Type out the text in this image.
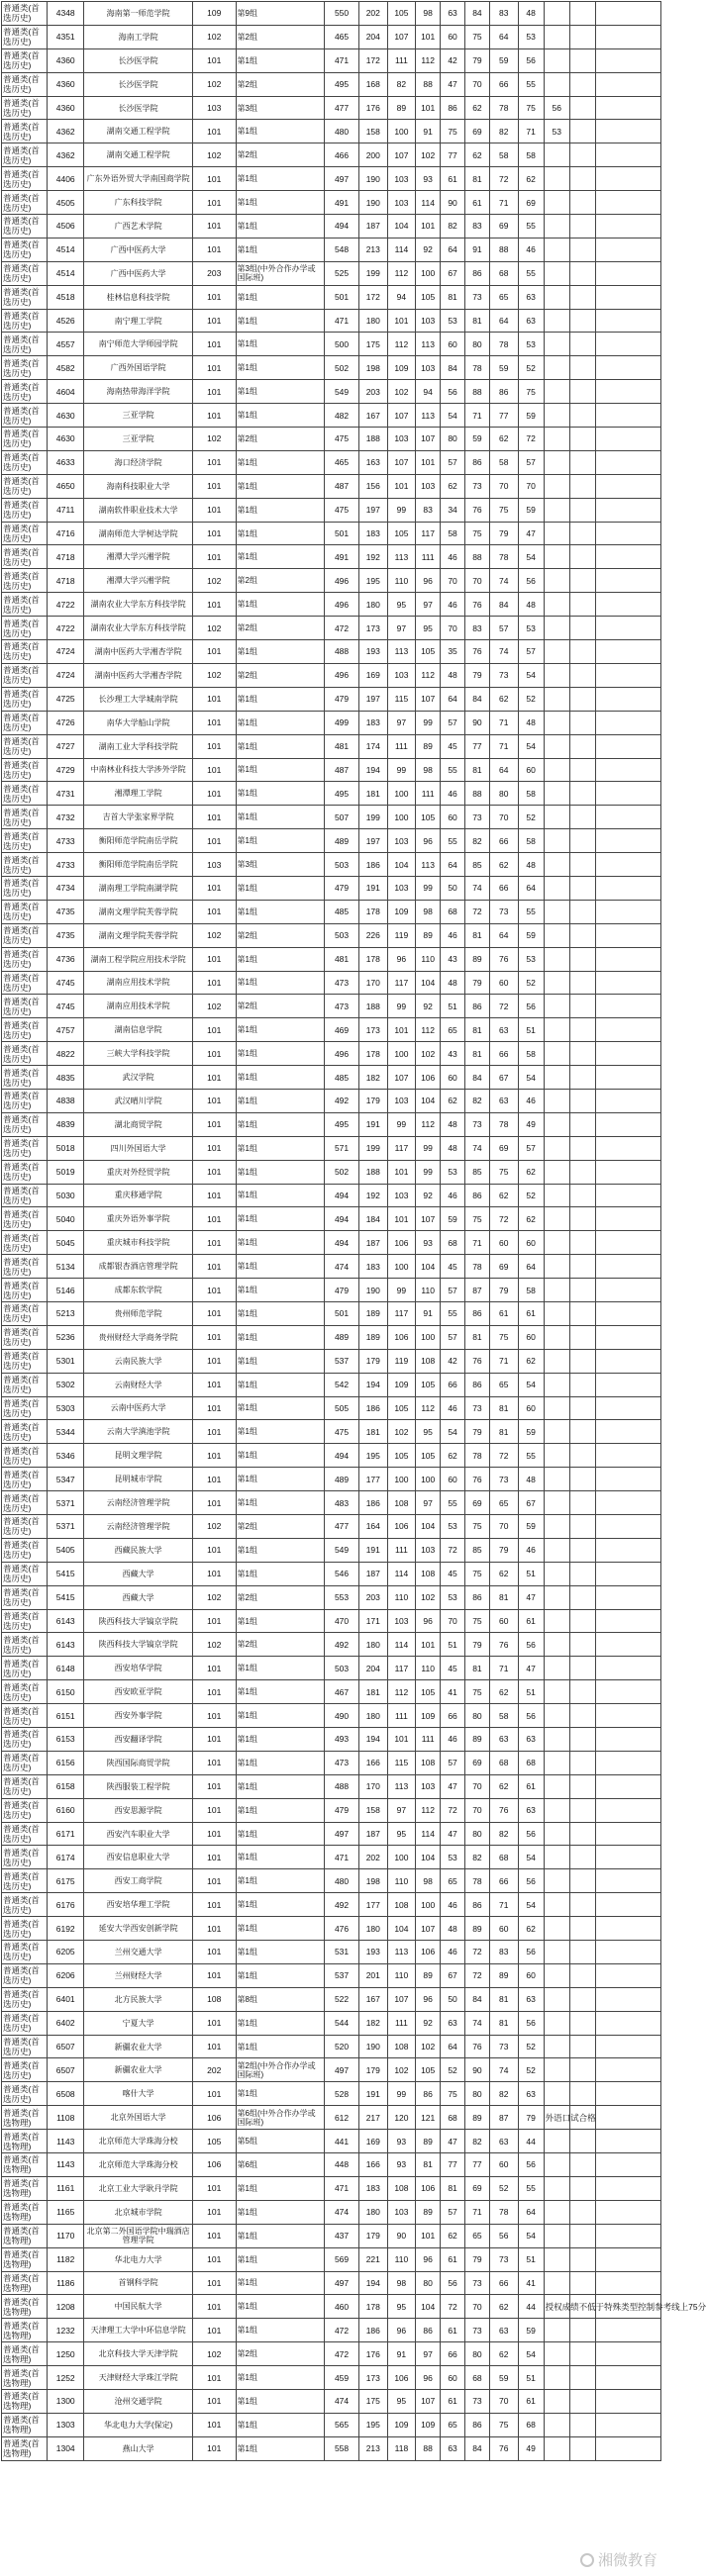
普通类(首选历史)	4348	海南第一师范学院	109	第9组	550	202	105	98	63	84	83	48			
普通类(首选历史)	4351	海南工学院	102	第2组	465	204	107	101	60	75	64	53			
普通类(首选历史)	4360	长沙医学院	101	第1组	471	172	111	112	42	79	59	56			
普通类(首选历史)	4360	长沙医学院	102	第2组	495	168	82	88	47	70	66	55			
普通类(首选历史)	4360	长沙医学院	103	第3组	477	176	89	101	86	62	78	75	56		
普通类(首选历史)	4362	湖南交通工程学院	101	第1组	480	158	100	91	75	69	82	71	53		
普通类(首选历史)	4362	湖南交通工程学院	102	第2组	466	200	107	102	77	62	58	58			
普通类(首选历史)	4406	广东外语外贸大学南国商学院	101	第1组	497	190	103	93	61	81	72	62			
普通类(首选历史)	4505	广东科技学院	101	第1组	491	190	103	114	90	61	71	69			
普通类(首选历史)	4506	广西艺术学院	101	第1组	494	187	104	101	82	83	69	55			
普通类(首选历史)	4514	广西中医药大学	101	第1组	548	213	114	92	64	91	88	46			
普通类(首选历史)	4514	广西中医药大学	203	第3组(中外合作办学或国际班)	525	199	112	100	67	86	68	55			
普通类(首选历史)	4518	桂林信息科技学院	101	第1组	501	172	94	105	81	73	65	63			
普通类(首选历史)	4526	南宁理工学院	101	第1组	471	180	101	103	53	81	64	63			
普通类(首选历史)	4557	南宁师范大学师园学院	101	第1组	500	175	112	113	60	80	78	53			
普通类(首选历史)	4582	广西外国语学院	101	第1组	502	198	109	103	84	78	59	52			
普通类(首选历史)	4604	海南热带海洋学院	101	第1组	549	203	102	94	56	88	86	75			
普通类(首选历史)	4630	三亚学院	101	第1组	482	167	107	113	54	71	77	59			
普通类(首选历史)	4630	三亚学院	102	第2组	475	188	103	107	80	59	62	72			
普通类(首选历史)	4633	海口经济学院	101	第1组	465	163	107	101	57	86	58	57			
普通类(首选历史)	4650	海南科技职业大学	101	第1组	487	156	101	103	62	73	70	70			
普通类(首选历史)	4711	湖南软件职业技术大学	101	第1组	475	197	99	83	34	76	75	59			
普通类(首选历史)	4716	湖南师范大学树达学院	101	第1组	501	183	105	117	58	75	79	47			
普通类(首选历史)	4718	湘潭大学兴湘学院	101	第1组	491	192	113	111	46	88	78	54			
普通类(首选历史)	4718	湘潭大学兴湘学院	102	第2组	496	195	110	96	70	70	74	56			
普通类(首选历史)	4722	湖南农业大学东方科技学院	101	第1组	496	180	95	97	46	76	84	48			
普通类(首选历史)	4722	湖南农业大学东方科技学院	102	第2组	472	173	97	95	70	83	57	53			
普通类(首选历史)	4724	湖南中医药大学湘杏学院	101	第1组	488	193	113	105	35	76	74	57			
普通类(首选历史)	4724	湖南中医药大学湘杏学院	102	第2组	496	169	103	112	48	79	73	54			
普通类(首选历史)	4725	长沙理工大学城南学院	101	第1组	479	197	115	107	64	84	62	52			
普通类(首选历史)	4726	南华大学船山学院	101	第1组	499	183	97	99	57	90	71	48			
普通类(首选历史)	4727	湖南工业大学科技学院	101	第1组	481	174	111	89	45	77	71	54			
普通类(首选历史)	4729	中南林业科技大学涉外学院	101	第1组	487	194	99	98	55	81	64	60			
普通类(首选历史)	4731	湘潭理工学院	101	第1组	495	181	100	111	46	88	80	58			
普通类(首选历史)	4732	吉首大学张家界学院	101	第1组	507	199	100	105	60	73	70	52			
普通类(首选历史)	4733	衡阳师范学院南岳学院	101	第1组	489	197	103	96	55	82	66	58			
普通类(首选历史)	4733	衡阳师范学院南岳学院	103	第3组	503	186	104	113	64	85	62	48			
普通类(首选历史)	4734	湖南理工学院南湖学院	101	第1组	479	191	103	99	50	74	66	64			
普通类(首选历史)	4735	湖南文理学院芙蓉学院	101	第1组	485	178	109	98	68	72	73	55			
普通类(首选历史)	4735	湖南文理学院芙蓉学院	102	第2组	503	226	119	89	46	81	64	59			
普通类(首选历史)	4736	湖南工程学院应用技术学院	101	第1组	481	178	96	110	43	89	76	53			
普通类(首选历史)	4745	湖南应用技术学院	101	第1组	473	170	117	104	48	79	60	52			
普通类(首选历史)	4745	湖南应用技术学院	102	第2组	473	188	99	92	51	86	72	56			
普通类(首选历史)	4757	湖南信息学院	101	第1组	469	173	101	112	65	81	63	51			
普通类(首选历史)	4822	三峡大学科技学院	101	第1组	496	178	100	102	43	81	66	58			
普通类(首选历史)	4835	武汉学院	101	第1组	485	182	107	106	60	84	67	54			
普通类(首选历史)	4838	武汉晴川学院	101	第1组	492	179	103	104	62	82	63	46			
普通类(首选历史)	4839	湖北商贸学院	101	第1组	495	191	99	112	48	73	78	49			
普通类(首选历史)	5018	四川外国语大学	101	第1组	571	199	117	99	48	74	69	57			
普通类(首选历史)	5019	重庆对外经贸学院	101	第1组	502	188	101	99	53	85	75	62			
普通类(首选历史)	5030	重庆移通学院	101	第1组	494	192	103	92	46	86	62	52			
普通类(首选历史)	5040	重庆外语外事学院	101	第1组	494	184	101	107	59	75	72	62			
普通类(首选历史)	5045	重庆城市科技学院	101	第1组	494	187	106	93	68	71	60	60			
普通类(首选历史)	5134	成都银杏酒店管理学院	101	第1组	474	183	100	104	45	78	69	64			
普通类(首选历史)	5146	成都东软学院	101	第1组	479	190	99	110	57	87	79	58			
普通类(首选历史)	5213	贵州师范学院	101	第1组	501	189	117	91	55	86	61	61			
普通类(首选历史)	5236	贵州财经大学商务学院	101	第1组	489	189	106	100	57	81	75	60			
普通类(首选历史)	5301	云南民族大学	101	第1组	537	179	119	108	42	76	71	62			
普通类(首选历史)	5302	云南财经大学	101	第1组	542	194	109	105	66	86	65	54			
普通类(首选历史)	5303	云南中医药大学	101	第1组	505	186	105	112	46	73	81	60			
普通类(首选历史)	5344	云南大学滇池学院	101	第1组	475	181	102	95	54	79	81	59			
普通类(首选历史)	5346	昆明文理学院	101	第1组	494	195	105	105	62	78	72	55			
普通类(首选历史)	5347	昆明城市学院	101	第1组	489	177	100	100	60	76	73	48			
普通类(首选历史)	5371	云南经济管理学院	101	第1组	483	186	108	97	55	69	65	67			
普通类(首选历史)	5371	云南经济管理学院	102	第2组	477	164	106	104	53	75	70	59			
普通类(首选历史)	5405	西藏民族大学	101	第1组	549	191	111	103	72	85	79	46			
普通类(首选历史)	5415	西藏大学	101	第1组	546	187	114	108	45	75	62	51			
普通类(首选历史)	5415	西藏大学	102	第2组	553	203	110	102	53	86	81	47			
普通类(首选历史)	6143	陕西科技大学镐京学院	101	第1组	470	171	103	96	70	75	60	61			
普通类(首选历史)	6143	陕西科技大学镐京学院	102	第2组	492	180	114	101	51	79	76	56			
普通类(首选历史)	6148	西安培华学院	101	第1组	503	204	117	110	45	81	71	47			
普通类(首选历史)	6150	西安欧亚学院	101	第1组	467	181	112	105	41	75	62	51			
普通类(首选历史)	6151	西安外事学院	101	第1组	490	180	111	109	66	80	58	56			
普通类(首选历史)	6153	西安翻译学院	101	第1组	493	194	101	111	46	89	63	63			
普通类(首选历史)	6156	陕西国际商贸学院	101	第1组	473	166	115	108	57	69	68	68			
普通类(首选历史)	6158	陕西服装工程学院	101	第1组	488	170	113	103	47	70	62	61			
普通类(首选历史)	6160	西安思源学院	101	第1组	479	158	97	112	72	70	76	63			
普通类(首选历史)	6171	西安汽车职业大学	101	第1组	497	187	95	114	47	80	82	56			
普通类(首选历史)	6174	西安信息职业大学	101	第1组	471	202	100	104	53	82	68	54			
普通类(首选历史)	6175	西安工商学院	101	第1组	480	198	110	98	65	78	66	56			
普通类(首选历史)	6176	西安培华理工学院	101	第1组	492	177	108	100	46	86	71	54			
普通类(首选历史)	6192	延安大学西安创新学院	101	第1组	476	180	104	107	48	89	60	62			
普通类(首选历史)	6205	兰州交通大学	101	第1组	531	193	113	106	46	72	83	56			
普通类(首选历史)	6206	兰州财经大学	101	第1组	537	201	110	89	67	72	89	60			
普通类(首选历史)	6401	北方民族大学	108	第8组	522	167	107	96	50	84	81	63			
普通类(首选历史)	6402	宁夏大学	101	第1组	544	182	111	92	63	74	81	56			
普通类(首选历史)	6507	新疆农业大学	101	第1组	520	190	108	102	64	76	73	52			
普通类(首选历史)	6507	新疆农业大学	202	第2组(中外合作办学或国际班)	497	179	102	105	52	90	74	52			
普通类(首选历史)	6508	喀什大学	101	第1组	528	191	99	86	75	80	82	63			
普通类(首选物理)	1108	北京外国语大学	106	第6组(中外合作办学或国际班)	612	217	120	121	68	89	87	79	外语口试合格		
普通类(首选物理)	1143	北京师范大学珠海分校	105	第5组	441	169	93	89	47	82	63	44			
普通类(首选物理)	1143	北京师范大学珠海分校	106	第6组	448	166	93	81	77	77	60	56			
普通类(首选物理)	1161	北京工业大学耿丹学院	101	第1组	471	183	108	106	81	69	52	55			
普通类(首选物理)	1165	北京城市学院	101	第1组	474	180	103	89	57	71	78	64			
普通类(首选物理)	1170	北京第二外国语学院中瑞酒店管理学院	101	第1组	437	179	90	101	62	65	56	54			
普通类(首选物理)	1182	华北电力大学	101	第1组	569	221	110	96	61	79	73	51			
普通类(首选物理)	1186	首钢科学院	101	第1组	497	194	98	80	56	73	66	41			
普通类(首选物理)	1208	中国民航大学	101	第1组	460	178	95	104	72	70	62	44	授权成绩不低于特殊类型控制参考线上75分		
普通类(首选物理)	1232	天津理工大学中环信息学院	101	第1组	472	186	96	86	61	73	63	59			
普通类(首选物理)	1250	北京科技大学天津学院	102	第2组	472	176	91	97	66	80	62	54			
普通类(首选物理)	1252	天津财经大学珠江学院	101	第1组	459	173	106	96	60	68	59	51			
普通类(首选物理)	1300	沧州交通学院	101	第1组	474	175	95	107	61	73	70	61			
普通类(首选物理)	1303	华北电力大学(保定)	101	第1组	565	195	109	109	65	86	75	68			
普通类(首选物理)	1304	燕山大学	101	第1组	558	213	118	88	63	84	76	49			
湘微教育
